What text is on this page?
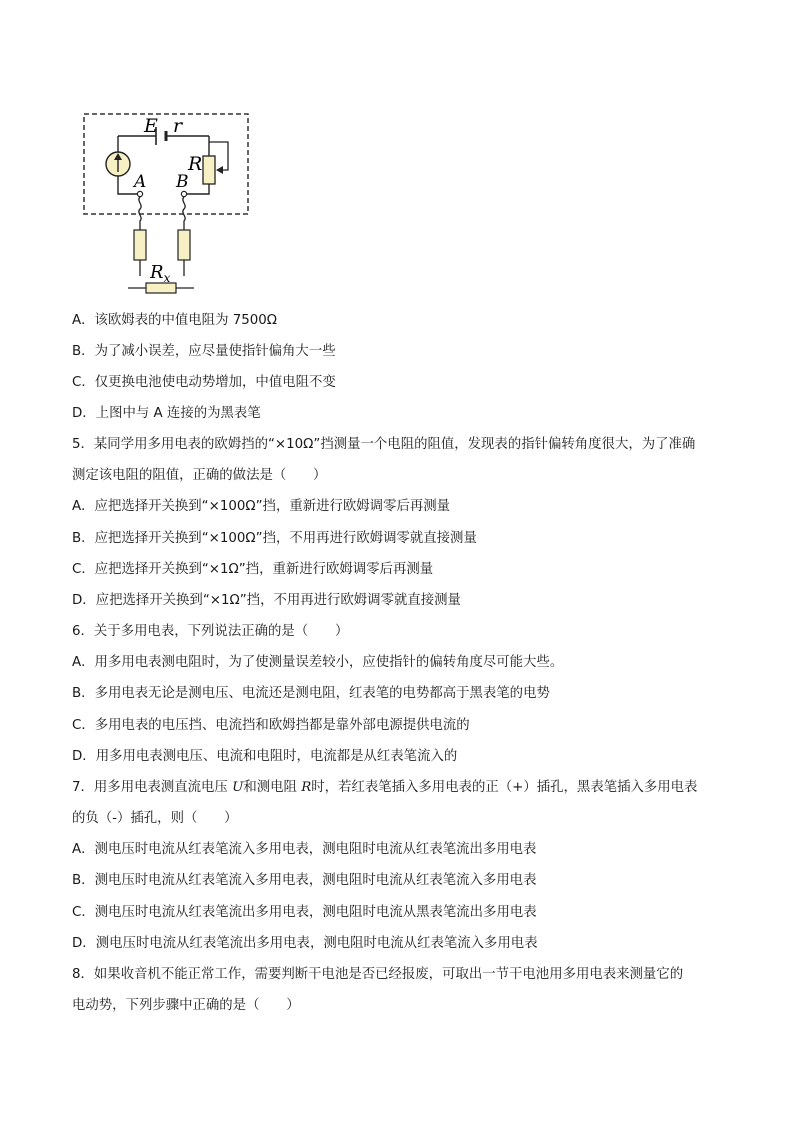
E r
R
A B
$R_x$
A．该欧姆表的中值电阻为 7500Ω
B．为了减小误差，应尽量使指针偏角大一些
C．仅更换电池使电动势增加，中值电阻不变
D．上图中与 A 连接的为黑表笔
5．某同学用多用电表的欧姆挡的“×10Ω”挡测量一个电阻的阻值，发现表的指针偏转角度很大，为了准确
测定该电阻的阻值，正确的做法是（　　）
A．应把选择开关换到“×100Ω”挡，重新进行欧姆调零后再测量
B．应把选择开关换到“×100Ω”挡，不用再进行欧姆调零就直接测量
C．应把选择开关换到“×1Ω”挡，重新进行欧姆调零后再测量
D．应把选择开关换到“×1Ω”挡，不用再进行欧姆调零就直接测量
6．关于多用电表，下列说法正确的是（　　）
A．用多用电表测电阻时，为了使测量误差较小，应使指针的偏转角度尽可能大些。
B．多用电表无论是测电压、电流还是测电阻，红表笔的电势都高于黑表笔的电势
C．多用电表的电压挡、电流挡和欧姆挡都是靠外部电源提供电流的
D．用多用电表测电压、电流和电阻时，电流都是从红表笔流入的
7．用多用电表测直流电压 U和测电阻 R时，若红表笔插入多用电表的正（+）插孔，黑表笔插入多用电表
的负（-）插孔，则（　　）
A．测电压时电流从红表笔流入多用电表，测电阻时电流从红表笔流出多用电表
B．测电压时电流从红表笔流入多用电表，测电阻时电流从红表笔流入多用电表
C．测电压时电流从红表笔流出多用电表，测电阻时电流从黑表笔流出多用电表
D．测电压时电流从红表笔流出多用电表，测电阻时电流从红表笔流入多用电表
8．如果收音机不能正常工作，需要判断干电池是否已经报废，可取出一节干电池用多用电表来测量它的
电动势，下列步骤中正确的是（　　）
